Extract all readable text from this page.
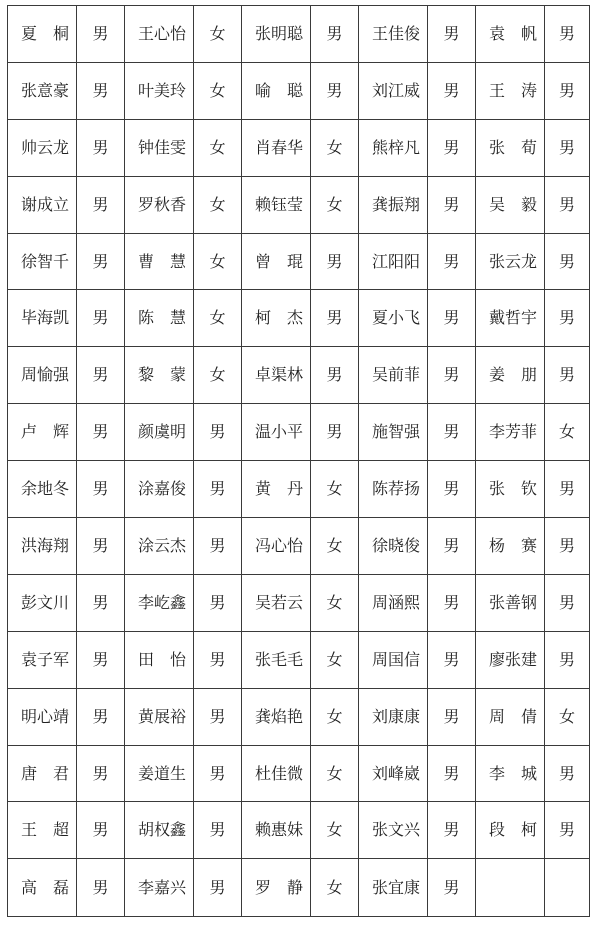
夏　桐	男	王心怡	女	张明聪	男	王佳俊	男	袁　帆	男
张意豪	男	叶美玲	女	喻　聪	男	刘江威	男	王　涛	男
帅云龙	男	钟佳雯	女	肖春华	女	熊梓凡	男	张　荀	男
谢成立	男	罗秋香	女	赖钰莹	女	龚振翔	男	吴　毅	男
徐智千	男	曹　慧	女	曾　琨	男	江阳阳	男	张云龙	男
毕海凯	男	陈　慧	女	柯　杰	男	夏小飞	男	戴哲宇	男
周愉强	男	黎　蒙	女	卓渠林	男	吴前菲	男	姜　朋	男
卢　辉	男	颜虞明	男	温小平	男	施智强	男	李芳菲	女
余地冬	男	涂嘉俊	男	黄　丹	女	陈荐扬	男	张　钦	男
洪海翔	男	涂云杰	男	冯心怡	女	徐晓俊	男	杨　赛	男
彭文川	男	李屹鑫	男	吴若云	女	周涵熙	男	张善钢	男
袁子军	男	田　怡	男	张毛毛	女	周国信	男	廖张建	男
明心靖	男	黄展裕	男	龚焰艳	女	刘康康	男	周　倩	女
唐　君	男	姜道生	男	杜佳微	女	刘峰崴	男	李　城	男
王　超	男	胡权鑫	男	赖惠妹	女	张文兴	男	段　柯	男
高　磊	男	李嘉兴	男	罗　静	女	张宜康	男		
